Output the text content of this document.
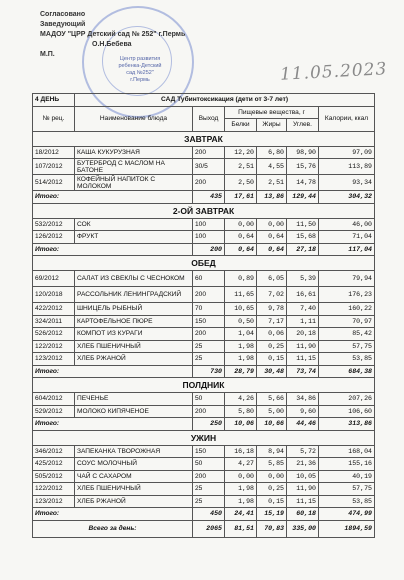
Центр развития
ребенка-Детский
сад №252"
г.Пермь
Согласовано
Заведующий
МАДОУ "ЦРР Детский сад № 252" г.Пермь
О.Н.Бебева
М.П.
11.05.2023
4 ДЕНЬ	САД Тубинтоксикация (дети от 3-7 лет)					
№ рец.	Наименование блюда	Выход	Пищевые вещества, г			Калории, ккал
			Белки	Жиры	Углев.	
ЗАВТРАК						
18/2012	КАША КУКУРУЗНАЯ	200	12,20	6,80	98,90	97,09
107/2012	БУТЕРБРОД С МАСЛОМ НА БАТОНЕ	30/5	2,51	4,55	15,76	113,89
514/2012	КОФЕЙНЫЙ НАПИТОК С МОЛОКОМ	200	2,50	2,51	14,78	93,34
Итого:		435	17,61	13,86	129,44	304,32
2-ОЙ ЗАВТРАК						
532/2012	СОК	100	0,00	0,00	11,50	46,00
126/2012	ФРУКТ	100	0,64	0,64	15,68	71,04
Итого:		200	0,64	0,64	27,18	117,04
ОБЕД						
69/2012	САЛАТ ИЗ СВЕКЛЫ С ЧЕСНОКОМ	60	0,89	6,05	5,39	79,94
120/2018	РАССОЛЬНИК ЛЕНИНГРАДСКИЙ	200	11,65	7,02	16,61	176,23
422/2012	ШНИЦЕЛЬ РЫБНЫЙ	70	10,65	9,78	7,40	160,22
324/2011	КАРТОФЕЛЬНОЕ ПЮРЕ	150	0,50	7,17	1,11	70,97
526/2012	КОМПОТ ИЗ КУРАГИ	200	1,04	0,06	20,18	85,42
122/2012	ХЛЕБ ПШЕНИЧНЫЙ	25	1,98	0,25	11,90	57,75
123/2012	ХЛЕБ РЖАНОЙ	25	1,98	0,15	11,15	53,85
Итого:		730	28,79	30,48	73,74	684,38
ПОЛДНИК						
604/2012	ПЕЧЕНЬЕ	50	4,26	5,66	34,86	207,26
529/2012	МОЛОКО КИПЯЧЕНОЕ	200	5,80	5,00	9,60	106,60
Итого:		250	10,06	10,66	44,46	313,86
УЖИН						
346/2012	ЗАПЕКАНКА ТВОРОЖНАЯ	150	16,18	8,94	5,72	168,04
425/2012	СОУС МОЛОЧНЫЙ	50	4,27	5,85	21,36	155,16
505/2012	ЧАЙ С САХАРОМ	200	0,00	0,00	10,05	40,19
122/2012	ХЛЕБ ПШЕНИЧНЫЙ	25	1,98	0,25	11,90	57,75
123/2012	ХЛЕБ РЖАНОЙ	25	1,98	0,15	11,15	53,85
Итого:		450	24,41	15,19	60,18	474,99
Всего за день:		2065	81,51	70,83	335,00	1894,59
